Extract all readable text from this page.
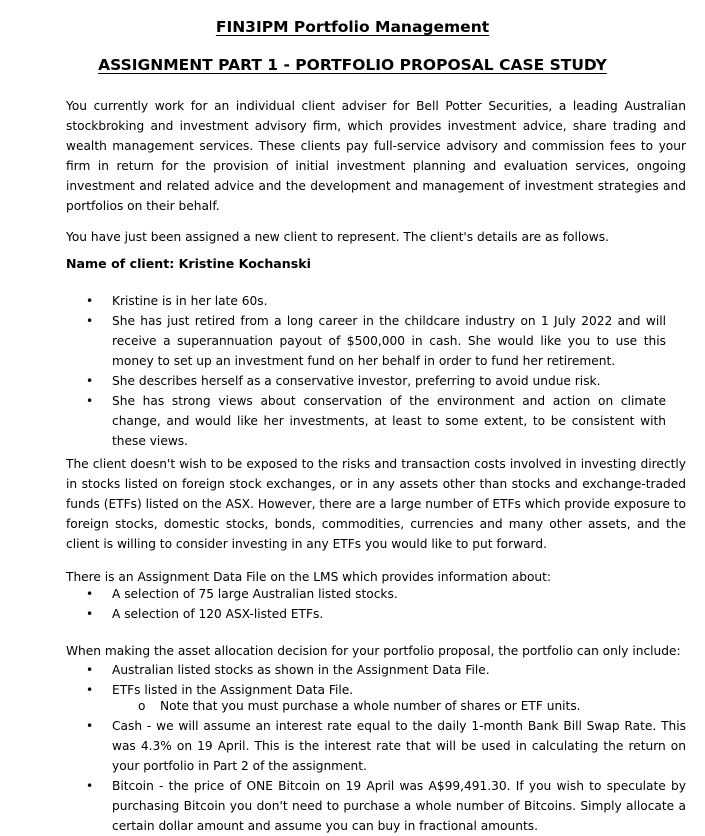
FIN3IPM Portfolio Management
ASSIGNMENT PART 1 - PORTFOLIO PROPOSAL CASE STUDY
You currently work for an individual client adviser for Bell Potter Securities, a leading Australian stockbroking and investment advisory firm, which provides investment advice, share trading and wealth management services. These clients pay full-service advisory and commission fees to your firm in return for the provision of initial investment planning and evaluation services, ongoing investment and related advice and the development and management of investment strategies and portfolios on their behalf.
You have just been assigned a new client to represent. The client's details are as follows.
Name of client: Kristine Kochanski
• Kristine is in her late 60s.
• She has just retired from a long career in the childcare industry on 1 July 2022 and will receive a superannuation payout of $500,000 in cash. She would like you to use this money to set up an investment fund on her behalf in order to fund her retirement.
• She describes herself as a conservative investor, preferring to avoid undue risk.
• She has strong views about conservation of the environment and action on climate change, and would like her investments, at least to some extent, to be consistent with these views.
The client doesn't wish to be exposed to the risks and transaction costs involved in investing directly in stocks listed on foreign stock exchanges, or in any assets other than stocks and exchange-traded funds (ETFs) listed on the ASX. However, there are a large number of ETFs which provide exposure to foreign stocks, domestic stocks, bonds, commodities, currencies and many other assets, and the client is willing to consider investing in any ETFs you would like to put forward.
There is an Assignment Data File on the LMS which provides information about:
• A selection of 75 large Australian listed stocks.
• A selection of 120 ASX-listed ETFs.
When making the asset allocation decision for your portfolio proposal, the portfolio can only include:
• Australian listed stocks as shown in the Assignment Data File.
• ETFs listed in the Assignment Data File.
o Note that you must purchase a whole number of shares or ETF units.
• Cash - we will assume an interest rate equal to the daily 1-month Bank Bill Swap Rate. This was 4.3% on 19 April. This is the interest rate that will be used in calculating the return on your portfolio in Part 2 of the assignment.
• Bitcoin - the price of ONE Bitcoin on 19 April was A$99,491.30. If you wish to speculate by purchasing Bitcoin you don't need to purchase a whole number of Bitcoins. Simply allocate a certain dollar amount and assume you can buy in fractional amounts.
